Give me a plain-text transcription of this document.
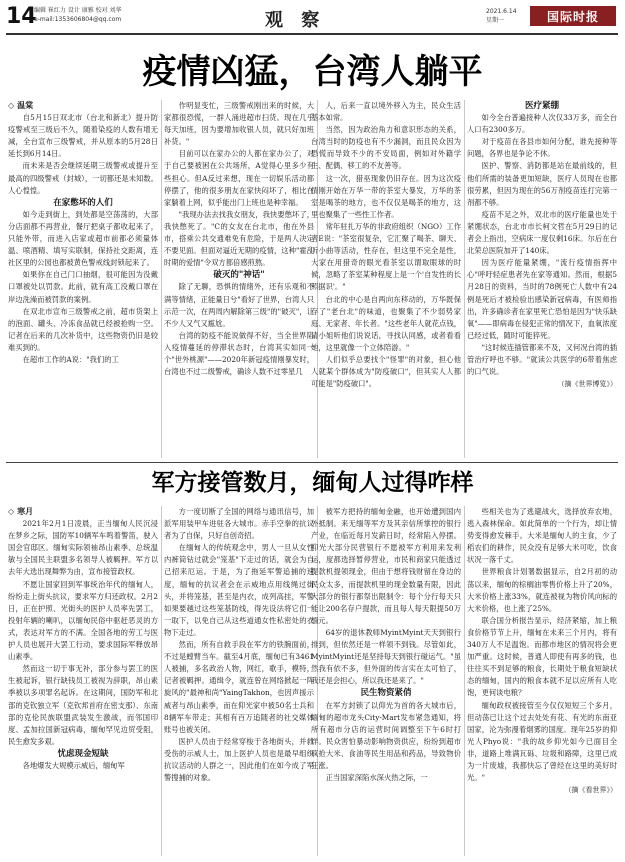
14
编辑 崔红力 设计 康雅 校对 刘华
e-mail:1353606804@qq.com	观 察	2021.6.14
星期一	国际时报
疫情凶猛，台湾人躺平

◇ 温棠

自5月15日双北市（台北和新北）提升防疫警戒至三级后不久，随着染疫的人数有增无减，全台宣布三级警戒，并从原本的5月28日延长到6月14日。

而未来是否会继续延期三级警戒或提升至最高的四级警戒（封城），一切都还是未知数。人心惶惶。

在家憋坏的人们

如今走到街上，到处都是空荡荡的，大部分店面都不再营业，餐厅把桌子都收起来了，只能外带，而进入店家或超市前都必须量体温、喷酒精、填写实联制，保持社交距离，连社区里的公园也都被黄色警戒线封锁起来了。

如果你在自己门口抽烟，很可能因为没戴口罩被处以罚款。此前，就有高工没戴口罩在岸边洗澡而被罚款的案例。

在双北市宣布三级警戒之前，超市货架上的泡面、罐头、冷冻食品就已经被抢购一空。记者在后来的几次补货中，这些物资仍旧是较难买到的。

在超市工作的A说："我们的工

作明显变忙，三级警戒刚出来的时候，大家都很恐慌，一群人涌进超市扫货。现在几乎每天加班，因为要增加收银人员，就只好加班补货。"

目前可以在家办公的人都在家办公了，对于自己要被困在公共场所，A觉得心里多少有些担心。但A反过来想，现在一切娱乐活动都停摆了，他的很多朋友在家快闷坏了，相比在家躺着上网，似乎能出门上班也是种幸福。

"我现办法去找我女朋友，我快要憋坏了，我快憋死了。"C的女友在台北市，他在外县市，搭乘公共交通难免有危险，于是两人决定不要见面。但面对逼近无期的疫情，这种"霍乱时期的爱情"令双方都倍感煎熬。

破灭的"神话"

除了无聊，恐惧的情绪外，还有乐观和不满等情绪，正能量日兮"看好了世界，台湾人只示范一次，在两周内解除第三级"的"破灭"，让不少人又气又尴尬。

台湾的防疫不能说做得不好，当全世界陷入疫情蔓延的停滞状态时，台湾其实如同一个"世外桃源"——2020年新冠疫情刚暴发时，台湾也不过二级警戒，确诊人数不过零星几

人，后来一直以境外移入为主，民众生活基本如常。

当然，因为政治角力和意识形态的关系，台湾当时的防疫也有不少漏洞，而且民众因为恐慌而导致不少的不安局面，例如对外籍学生、配偶、移工的不友善等。

这一次，猎巫现象仍旧存在。因为这次疫情刚开始在万华一带的茶室大暴发，万华的茶室是喝茶的地方，也不仅仅是喝茶的地方，这里也聚集了一些性工作者。

常年驻扎万华的非政府组织（NGO）工作者E说："茶室很复杂，它汇聚了喝茶、聊天、听小曲等活动，性存在，但这里不完全是性，大家在用猎奇的眼光看茶室以谓取眼球的时候，忽略了茶室某种程度上是一个'自发性的长照据识'。"

台北的中心是自两向东移动的，万华既保存了"老台北"的味道，也聚集了不少弱势家庭、无家者、年长者。"这些老年人就花点钱，请小姐听他们说说话，寻找认同感，或者看看她，这里就像一个立体陪游。"

人们似乎总要找个"怪罪"的对象，担心他人就某个群体成为"防疫破口"，但其实人人都可能是"防疫破口"。

医疗紧绷

如今全台普遍接种人次仅33万多，而全台人口有2300多万。

对于疫苗在各县市如何分配，谁先接种等问题，各界也是争论不休。

医护、警察、消防都是站在最前线的，但他们所需的装备更加短缺，医疗人员现在也都很劳累，但因为现在的56万剂疫苗连打完第一剂都不够。

疫苗不足之外，双北市的医疗能量也处于紧绷状态，台北市市长柯文哲在5月29日的记者会上指出，空病床一度仅剩16床。尔后在台北荣总医院加开了140床。

因为医疗能量紧绷，"流行疫情指挥中心"呼吁轻症患者先在家等通知。然而，根据5月28日的资料，当时的78例死亡人数中有24例是死后才被检验出感染新冠病毒，有医师指出，许多确诊者在家里死亡恐怕是因为"快乐缺氧"——即病毒在侵犯正常的情况下，血氧浓度已经过低，随时可能猝死。

"这时候连插管都来不及，又何况台湾的插管治疗呼也不够。"就读公共医学的6带着焦虑的口气说。

（摘《世界博览》）

军方接管数月，缅甸人过得咋样

◇ 寒月

2021年2月1日凌晨，正当缅甸人民沉浸在梦乡之际，国防军10辆军车鸣着警笛，驶入国会官邸区。缅甸实际领袖昂山素季、总统温敏与全国民主联盟多名领导人被羁押。军方以去年大选出现舞弊为由，宣布接管政权。

不愿让国家回到军事统治年代的缅甸人，纷纷走上街头抗议，要求军方归还政权。2月2日，正在护照、光街头的医护人员率先罢工，投射年辆的喇叭，以缅甸民俗中驱赶恶灵的方式，表达对军方的不满。全国各地的劳工与医护人员也展开大罢工行动，要求国际军释放昂山素季。

然而这一切于事无补，部分参与罢工的医生被起诉，银行缺钱员工被视为辞职，昂山素季被以多项罪名起诉。在这期间，国防军和北部的克钦独立军（克钦邦首府在密支那）、东南部的克伦民族联盟武装发生激战，而邻国印度、孟加拉国新冠病毒，缅甸罕见边贸受阻，民生愈发多艰。

忧虑现金短缺

各地爆发大规模示威后，缅甸军

方一度切断了全国的网络与通讯信号，加派军用装甲车进驻各大城市。赤手空拳的抗议者为了自保，只好自创奇招。

在缅甸人的传统观念中，男人一旦从女性内裤筒钻过就会"笼基"下走过的话，就会为自己招来厄运。于是，为了拖延军警追捕的速度，缅甸的抗议者会在示威地点用线绳过街头，并将笼基，甚至是内衣，成列高挂，军警如果要越过这些笼基防线，得先设法将它们一一取下，以免自己从这些道通女性私密处的衣物下走过。

然而，所有自救手段在军方的铁腕面前，不过是螳臂当车。截至4月底，缅甸已有3461人被捕，多名政治人物，网红，歌手，模特，记者被羁押。通缉令，就连曾在网络掀起一阵旋风的"最神和尚"YaingTakhon，也因声援示威者与昂山素季，而在仰光家中被50名士兵和8辆军车带走；其相有百万追随者的社交媒体账号也被关闭。

医护人员由于经常穿梭于各地街头，并救受伤的示威人士，加上医护人员也是最早组织抗议活动的人群之一，因此他们在如今成了军警搜捕的对象。

被军方把持的缅甸金融，也开始遭到国内外抵制。来无缅等军方及其亲信所掌控的银行产业，在临近每月发薪日时，经常陷入停摆。仰光大部分民营银行不愿被军方利用来发利运，度都选择暂停营业，市民和商家只能透过提款机提领现金，但由于想将钱财留在身边的民众太多，而提款机里的现金数量有限，因此大部分的银行都祭出限制令：每个分行每天只能让200名存户提款，而且每人每天限提50万缅元。

64岁的退休教师MyintMyint天天到银行排到，但依然还是一样领不到钱。尽管如此，MyintMyint还是坚持每天到银行碰运气。"虽然我有依不多，但外面的传言实在太可怕了，我还是会担心，所以我还是来了。"

民生物资紧俏

在军方封锁了以仰光为首的各大城市后，缅甸的超市龙头City-Mart发布紧急通知，将所有超市分店的运营时间调整至下午6时打烊。民众害怕暴动影响物资供应，纷纷到超市疯抢大米、食油等民生用品和药品，导致物价狂涨。

正当国家深陷水深火热之际，一

些相关也为了逃避战火，选择放弃农地，逃入森林保命。如此简单的一个行为，却让情势变得愈发棘手。大米是缅甸人的主食，少了稻农们的耕作，民众没有足够大米可吃，饮食状况一落千丈。

世界粮食计划署数据显示，自2月初的动荡以来，缅甸的棕榈油零售价格上升了20%，大米价格上涨33%，就连被视为物价风向标的大米价格，也上涨了25%。

联合国分析报告显示，经济紧缩，加上粮食价格节节上升，缅甸在未来三个月内，将有340万人不足温饱。而都市地区的情况将会更加严重。这时候，普通人即使有再多的钱，也往往买不到足够的粮食，长期处于粮食短缺状态的缅甸，国内的粮食本就不足以应所有人吃饱，更何谈电粮？

缅甸政权被接管至今仅仅短短三个多月，但动荡已让这个过去处处有花、有光的东南亚国家，沦为弥漫着烟雾的国度。现年25岁的仰光人Phyo说："我的故乡仰光如今已面目全非，道路上堆满瓦砾、垃圾和路障，这里已成为一片废墟，我都快忘了曾经在这里的美好时光。"

（摘《看世界》）
